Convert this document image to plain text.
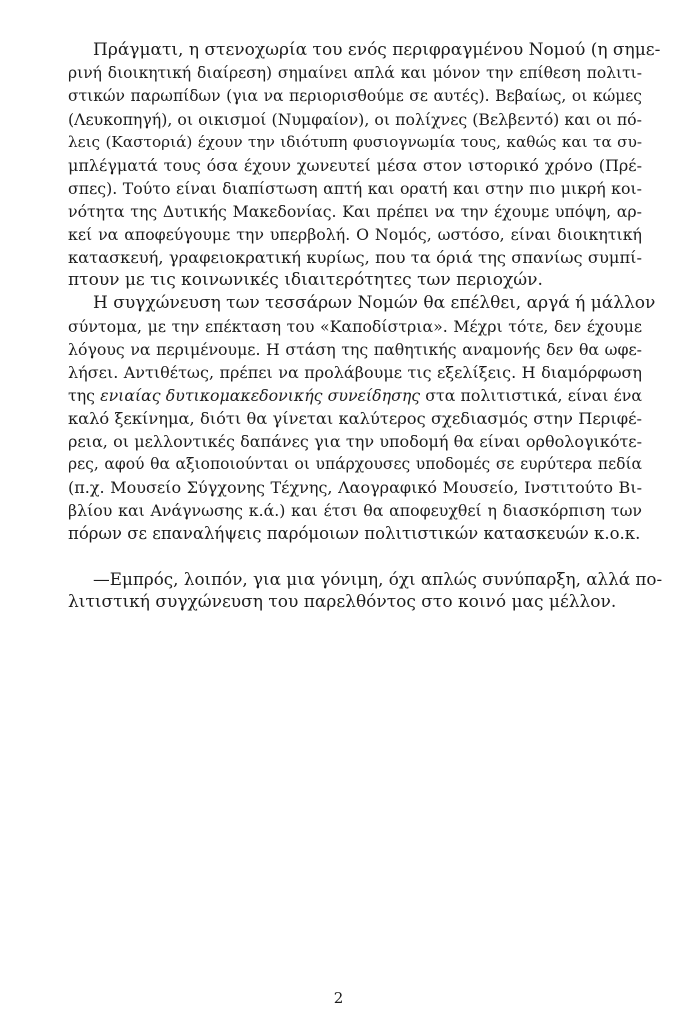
Πράγματι, η στενοχωρία του ενός περιφραγμένου Νομού (η σημε-
ρινή διοικητική διαίρεση) σημαίνει απλά και μόνον την επίθεση πολιτι-
στικών παρωπίδων (για να περιορισθούμε σε αυτές). Βεβαίως, οι κώμες
(Λευκοπηγή), οι οικισμοί (Νυμφαίον), οι πολίχνες (Βελβεντό) και οι πό-
λεις (Καστοριά) έχουν την ιδιότυπη φυσιογνωμία τους, καθώς και τα συ-
μπλέγματά τους όσα έχουν χωνευτεί μέσα στον ιστορικό χρόνο (Πρέ-
σπες). Τούτο είναι διαπίστωση απτή και ορατή και στην πιο μικρή κοι-
νότητα της Δυτικής Μακεδονίας. Και πρέπει να την έχουμε υπόψη, αρ-
κεί να αποφεύγουμε την υπερβολή. Ο Νομός, ωστόσο, είναι διοικητική
κατασκευή, γραφειοκρατική κυρίως, που τα όριά της σπανίως συμπί-
πτουν με τις κοινωνικές ιδιαιτερότητες των περιοχών.
Η συγχώνευση των τεσσάρων Νομών θα επέλθει, αργά ή μάλλον
σύντομα, με την επέκταση του «Καποδίστρια». Μέχρι τότε, δεν έχουμε
λόγους να περιμένουμε. Η στάση της παθητικής αναμονής δεν θα ωφε-
λήσει. Αντιθέτως, πρέπει να προλάβουμε τις εξελίξεις. Η διαμόρφωση
της ενιαίας δυτικομακεδονικής συνείδησης στα πολιτιστικά, είναι ένα
καλό ξεκίνημα, διότι θα γίνεται καλύτερος σχεδιασμός στην Περιφέ-
ρεια, οι μελλοντικές δαπάνες για την υποδομή θα είναι ορθολογικότε-
ρες, αφού θα αξιοποιούνται οι υπάρχουσες υποδομές σε ευρύτερα πεδία
(π.χ. Μουσείο Σύγχονης Τέχνης, Λαογραφικό Μουσείο, Ινστιτούτο Βι-
βλίου και Ανάγνωσης κ.ά.) και έτσι θα αποφευχθεί η διασκόρπιση των
πόρων σε επαναλήψεις παρόμοιων πολιτιστικών κατασκευών κ.ο.κ.
—Εμπρός, λοιπόν, για μια γόνιμη, όχι απλώς συνύπαρξη, αλλά πο-
λιτιστική συγχώνευση του παρελθόντος στο κοινό μας μέλλον.
2
